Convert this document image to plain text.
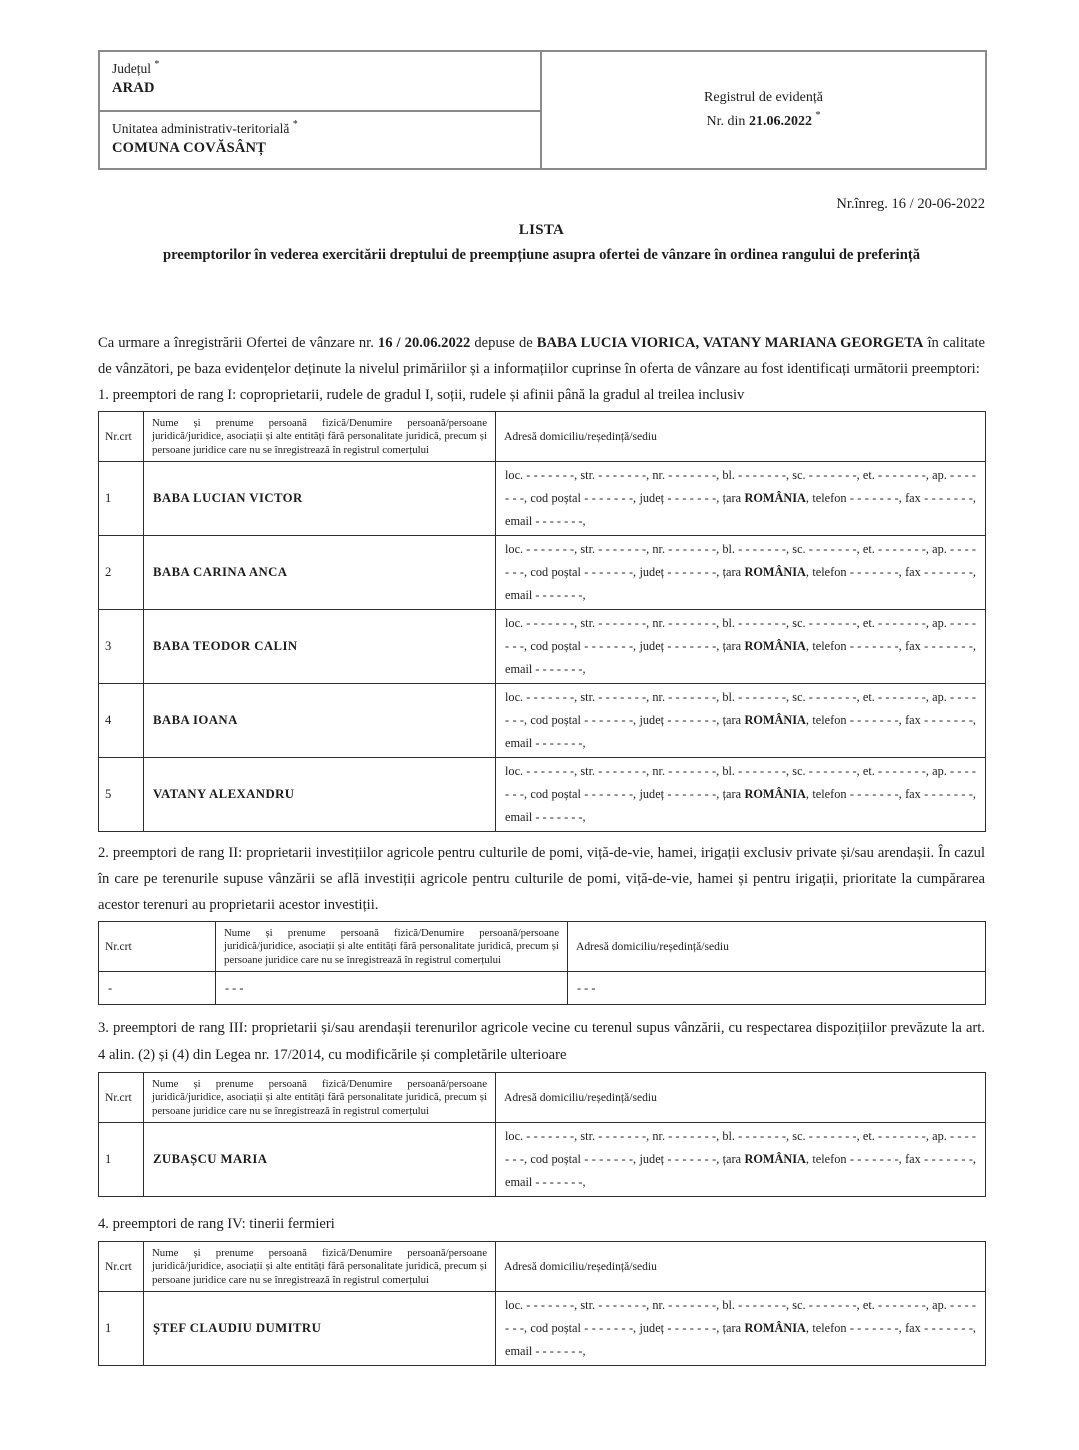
Județul *
ARAD

Registrul de evidență
Nr. din 21.06.2022 *

Unitatea administrativ-teritorială *
COMUNA COVĂSÂNȚ
Nr.înreg. 16 / 20-06-2022
LISTA
preemptorilor în vederea exercitării dreptului de preempțiune asupra ofertei de vânzare în ordinea rangului de preferință
Ca urmare a înregistrării Ofertei de vânzare nr. 16 / 20.06.2022 depuse de BABA LUCIA VIORICA, VATANY MARIANA GEORGETA în calitate de vânzători, pe baza evidențelor deținute la nivelul primăriilor și a informațiilor cuprinse în oferta de vânzare au fost identificați următorii preemptori:
1. preemptori de rang I: coproprietarii, rudele de gradul I, soții, rudele și afinii până la gradul al treilea inclusiv
Nr.crt	Nume și prenume persoană fizică/Denumire persoană/persoane juridică/juridice, asociații și alte entități fără personalitate juridică, precum și persoane juridice care nu se înregistrează în registrul comerțului	Adresă domiciliu/reședință/sediu
1	BABA LUCIAN VICTOR	loc. - - - - - - -, str. - - - - - - -, nr. - - - - - - -, bl. - - - - - - -, sc. - - - - - - -, et. - - - - - - -, ap. - - - - - - -, cod poștal - - - - - - -, județ - - - - - - -, țara ROMÂNIA, telefon - - - - - - -, fax - - - - - - -, email - - - - - - -,
2	BABA CARINA ANCA	loc. - - - - - - -, str. - - - - - - -, nr. - - - - - - -, bl. - - - - - - -, sc. - - - - - - -, et. - - - - - - -, ap. - - - - - - -, cod poștal - - - - - - -, județ - - - - - - -, țara ROMÂNIA, telefon - - - - - - -, fax - - - - - - -, email - - - - - - -,
3	BABA TEODOR CALIN	loc. - - - - - - -, str. - - - - - - -, nr. - - - - - - -, bl. - - - - - - -, sc. - - - - - - -, et. - - - - - - -, ap. - - - - - - -, cod poștal - - - - - - -, județ - - - - - - -, țara ROMÂNIA, telefon - - - - - - -, fax - - - - - - -, email - - - - - - -,
4	BABA IOANA	loc. - - - - - - -, str. - - - - - - -, nr. - - - - - - -, bl. - - - - - - -, sc. - - - - - - -, et. - - - - - - -, ap. - - - - - - -, cod poștal - - - - - - -, județ - - - - - - -, țara ROMÂNIA, telefon - - - - - - -, fax - - - - - - -, email - - - - - - -,
5	VATANY ALEXANDRU	loc. - - - - - - -, str. - - - - - - -, nr. - - - - - - -, bl. - - - - - - -, sc. - - - - - - -, et. - - - - - - -, ap. - - - - - - -, cod poștal - - - - - - -, județ - - - - - - -, țara ROMÂNIA, telefon - - - - - - -, fax - - - - - - -, email - - - - - - -,
2. preemptori de rang II: proprietarii investițiilor agricole pentru culturile de pomi, viță-de-vie, hamei, irigații exclusiv private și/sau arendașii. În cazul în care pe terenurile supuse vânzării se află investiții agricole pentru culturile de pomi, viță-de-vie, hamei și pentru irigații, prioritate la cumpărarea acestor terenuri au proprietarii acestor investiții.
Nr.crt	Nume și prenume persoană fizică/Denumire persoană/persoane juridică/juridice, asociații și alte entități fără personalitate juridică, precum și persoane juridice care nu se înregistrează în registrul comerțului	Adresă domiciliu/reședință/sediu
-	- - -	- - -
3. preemptori de rang III: proprietarii și/sau arendașii terenurilor agricole vecine cu terenul supus vânzării, cu respectarea dispozițiilor prevăzute la art. 4 alin. (2) și (4) din Legea nr. 17/2014, cu modificările și completările ulterioare
Nr.crt	Nume și prenume persoană fizică/Denumire persoană/persoane juridică/juridice, asociații și alte entități fără personalitate juridică, precum și persoane juridice care nu se înregistrează în registrul comerțului	Adresă domiciliu/reședință/sediu
1	ZUBAȘCU MARIA	loc. - - - - - - -, str. - - - - - - -, nr. - - - - - - -, bl. - - - - - - -, sc. - - - - - - -, et. - - - - - - -, ap. - - - - - - -, cod poștal - - - - - - -, județ - - - - - - -, țara ROMÂNIA, telefon - - - - - - -, fax - - - - - - -, email - - - - - - -,
4. preemptori de rang IV: tinerii fermieri
Nr.crt	Nume și prenume persoană fizică/Denumire persoană/persoane juridică/juridice, asociații și alte entități fără personalitate juridică, precum și persoane juridice care nu se înregistrează în registrul comerțului	Adresă domiciliu/reședință/sediu
1	ȘTEF CLAUDIU DUMITRU	loc. - - - - - - -, str. - - - - - - -, nr. - - - - - - -, bl. - - - - - - -, sc. - - - - - - -, et. - - - - - - -, ap. - - - - - - -, cod poștal - - - - - - -, județ - - - - - - -, țara ROMÂNIA, telefon - - - - - - -, fax - - - - - - -, email - - - - - - -,
